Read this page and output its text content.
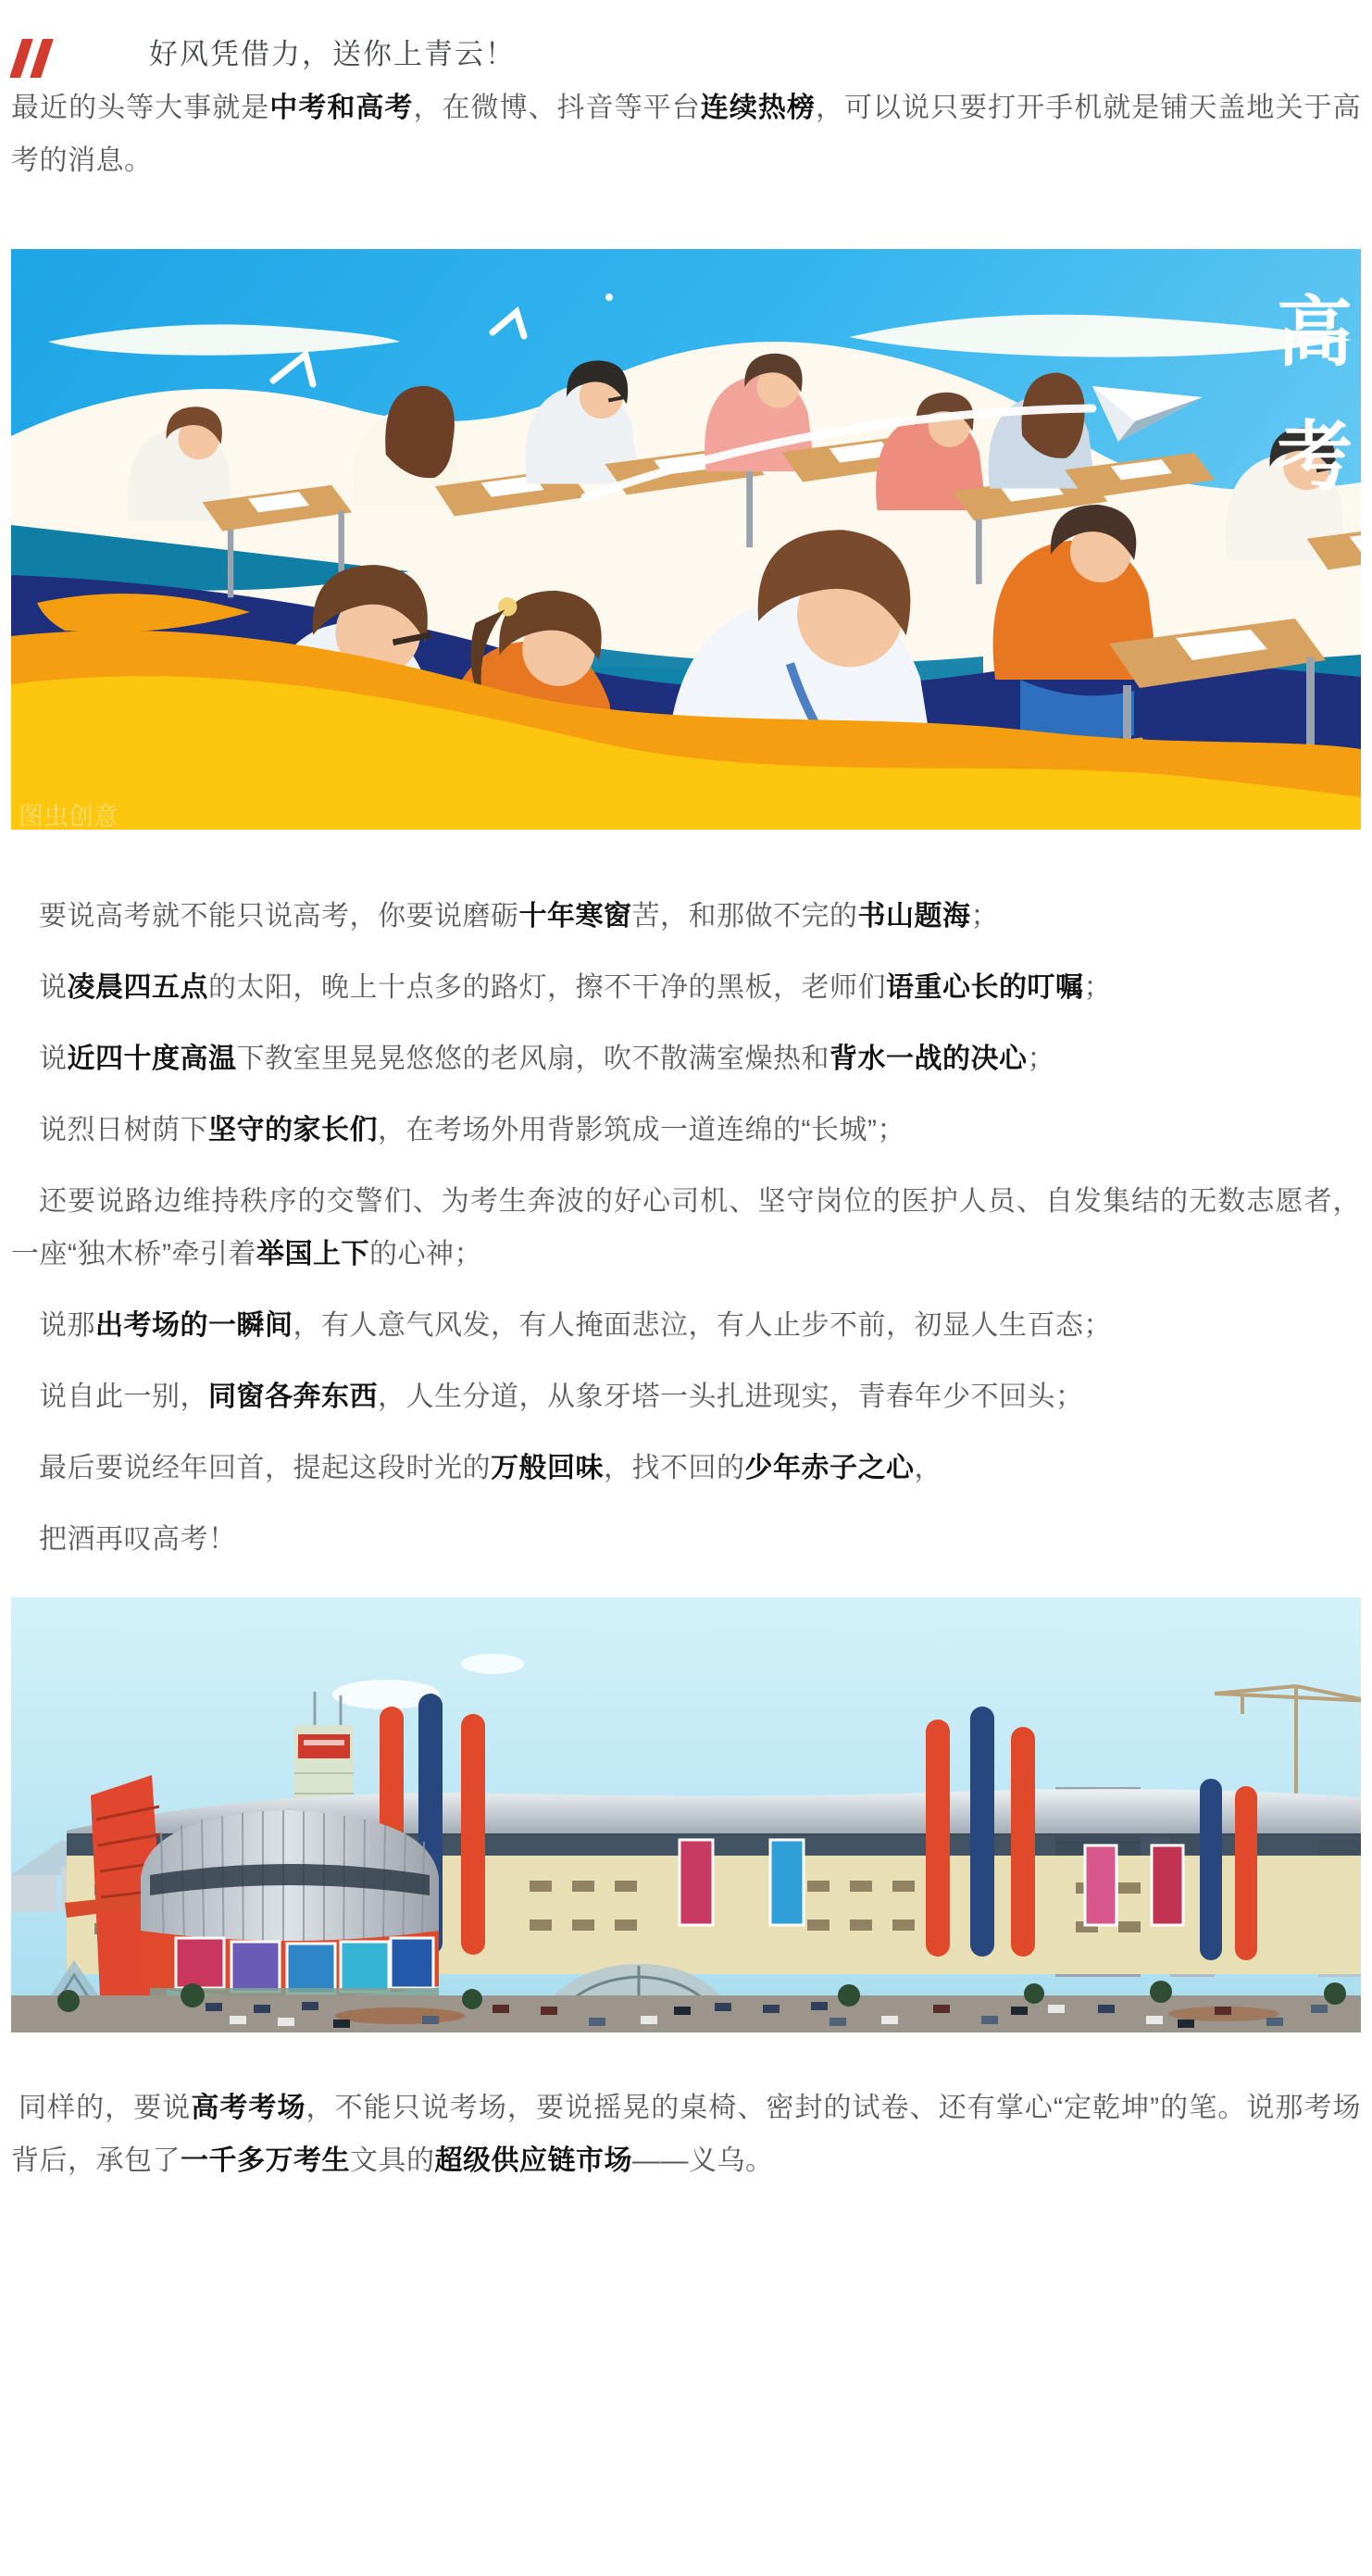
好风凭借力，送你上青云！

最近的头等大事就是中考和高考，在微博、抖音等平台连续热榜，可以说只要打开手机就是铺天盖地关于高考的消息。

高
考
图虫创意

要说高考就不能只说高考，你要说磨砺十年寒窗苦，和那做不完的书山题海；

说凌晨四五点的太阳，晚上十点多的路灯，擦不干净的黑板，老师们语重心长的叮嘱；

说近四十度高温下教室里晃晃悠悠的老风扇，吹不散满室燥热和背水一战的决心；

说烈日树荫下坚守的家长们，在考场外用背影筑成一道连绵的“长城”；

还要说路边维持秩序的交警们、为考生奔波的好心司机、坚守岗位的医护人员、自发集结的无数志愿者，一座“独木桥”牵引着举国上下的心神；

说那出考场的一瞬间，有人意气风发，有人掩面悲泣，有人止步不前，初显人生百态；

说自此一别，同窗各奔东西，人生分道，从象牙塔一头扎进现实，青春年少不回头；

最后要说经年回首，提起这段时光的万般回味，找不回的少年赤子之心，

把酒再叹高考！

同样的，要说高考考场，不能只说考场，要说摇晃的桌椅、密封的试卷、还有掌心“定乾坤”的笔。说那考场背后，承包了一千多万考生文具的超级供应链市场——义乌。
